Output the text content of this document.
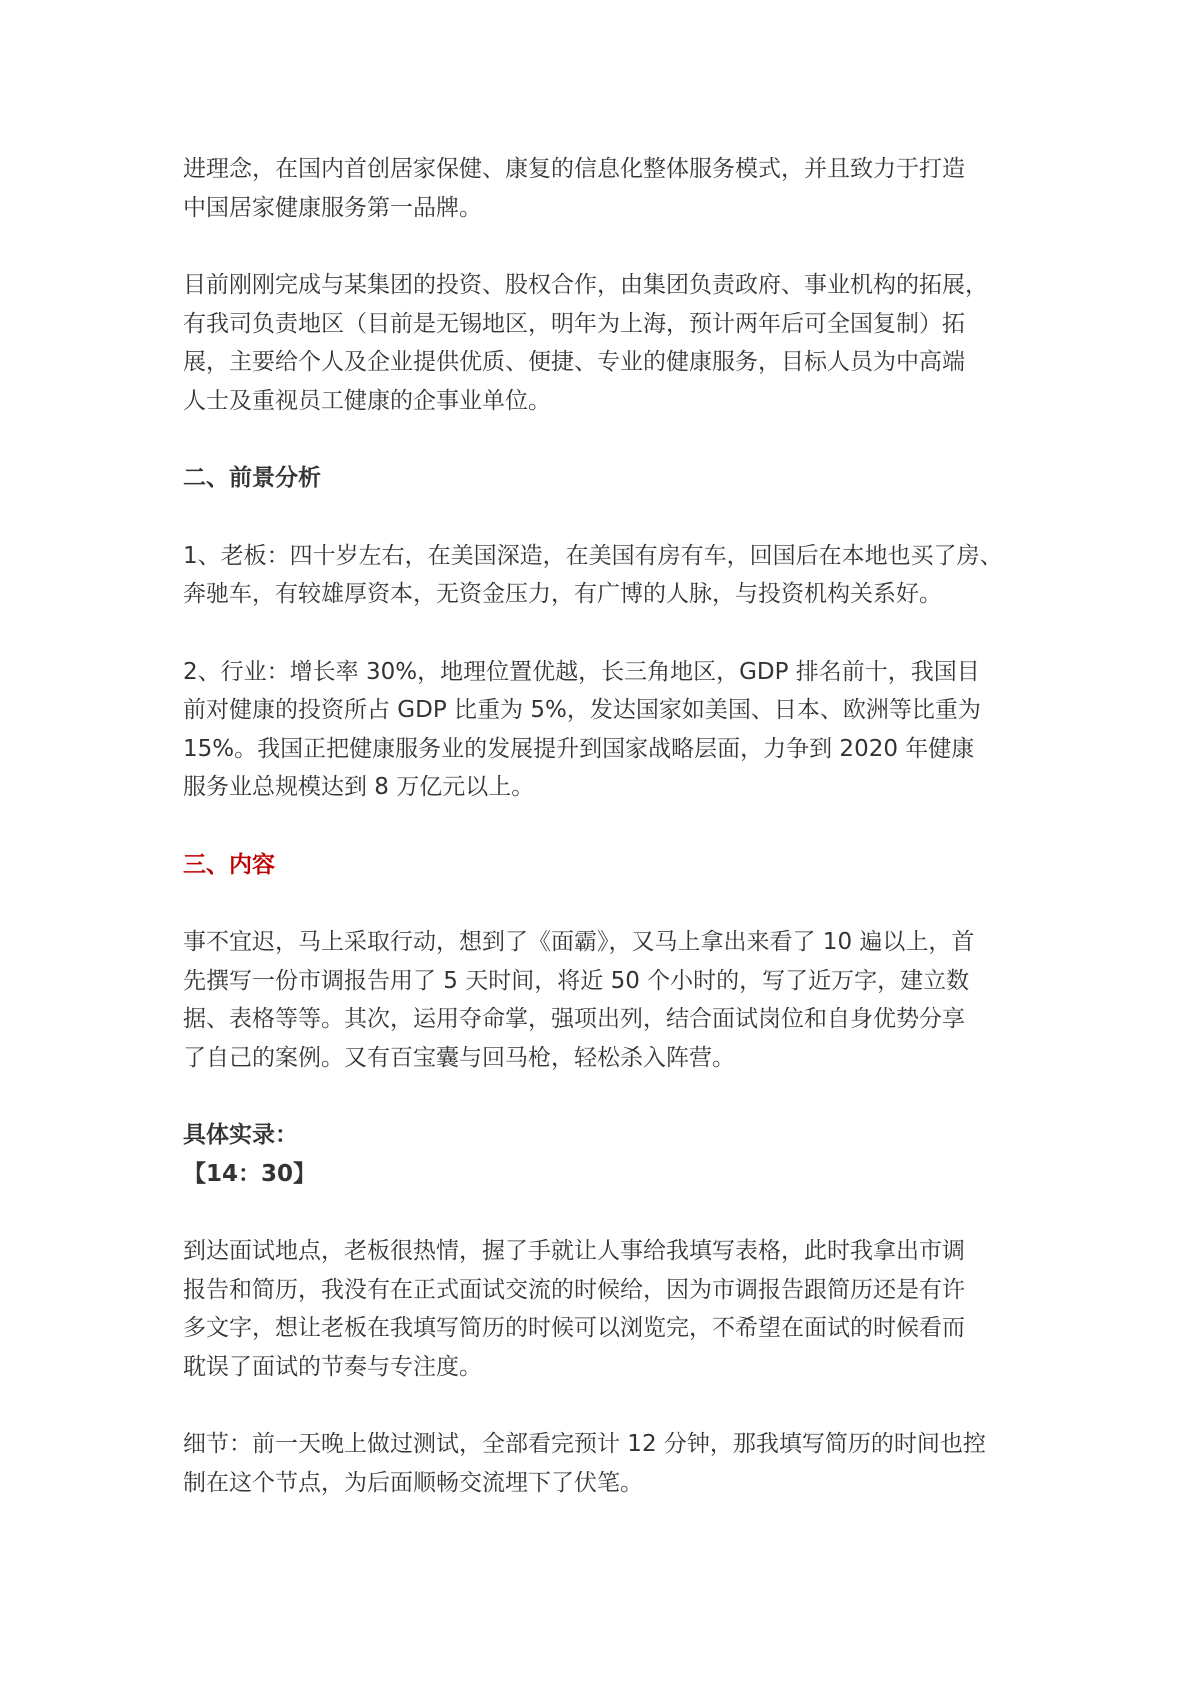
进理念，在国内首创居家保健、康复的信息化整体服务模式，并且致力于打造
中国居家健康服务第一品牌。

目前刚刚完成与某集团的投资、股权合作，由集团负责政府、事业机构的拓展，
有我司负责地区（目前是无锡地区，明年为上海，预计两年后可全国复制）拓
展，主要给个人及企业提供优质、便捷、专业的健康服务，目标人员为中高端
人士及重视员工健康的企事业单位。

二、前景分析

1、老板：四十岁左右，在美国深造，在美国有房有车，回国后在本地也买了房、
奔驰车，有较雄厚资本，无资金压力，有广博的人脉，与投资机构关系好。

2、行业：增长率 30%，地理位置优越，长三角地区，GDP 排名前十，我国目
前对健康的投资所占 GDP 比重为 5%，发达国家如美国、日本、欧洲等比重为
15%。我国正把健康服务业的发展提升到国家战略层面，力争到 2020 年健康
服务业总规模达到 8 万亿元以上。

三、内容

事不宜迟，马上采取行动，想到了《面霸》，又马上拿出来看了 10 遍以上，首
先撰写一份市调报告用了 5 天时间，将近 50 个小时的，写了近万字，建立数
据、表格等等。其次，运用夺命掌，强项出列，结合面试岗位和自身优势分享
了自己的案例。又有百宝囊与回马枪，轻松杀入阵营。

具体实录：

【14：30】

到达面试地点，老板很热情，握了手就让人事给我填写表格，此时我拿出市调
报告和简历，我没有在正式面试交流的时候给，因为市调报告跟简历还是有许
多文字，想让老板在我填写简历的时候可以浏览完，不希望在面试的时候看而
耽误了面试的节奏与专注度。

细节：前一天晚上做过测试，全部看完预计 12 分钟，那我填写简历的时间也控
制在这个节点，为后面顺畅交流埋下了伏笔。
